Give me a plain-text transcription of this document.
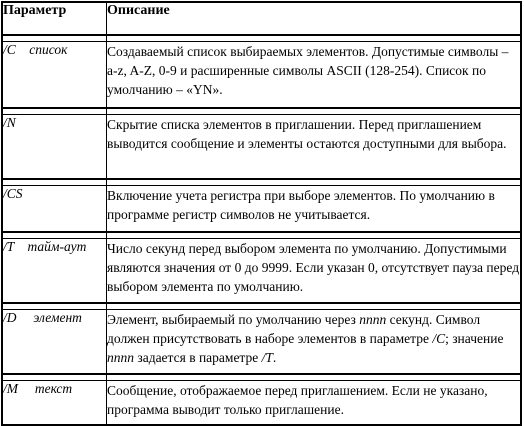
Параметр	Описание

/C    список	Создаваемый список выбираемых элементов. Допустимые символы – a-z, A-Z, 0-9 и расширенные символы ASCII (128-254). Список по умолчанию – «YN».

/N	Скрытие списка элементов в приглашении. Перед приглашением выводится сообщение и элементы остаются доступными для выбора.

/CS	Включение учета регистра при выборе элементов. По умолчанию в программе регистр символов не учитывается.

/T    тайм-аут	Число секунд перед выбором элемента по умолчанию. Допустимыми являются значения от 0 до 9999. Если указан 0, отсутствует пауза перед выбором элемента по умолчанию.

/D     элемент	Элемент, выбираемый по умолчанию через nnnn секунд. Символ должен присутствовать в наборе элементов в параметре /C; значение nnnn задается в параметре /T.

/M     текст	Сообщение, отображаемое перед приглашением. Если не указано, программа выводит только приглашение.
